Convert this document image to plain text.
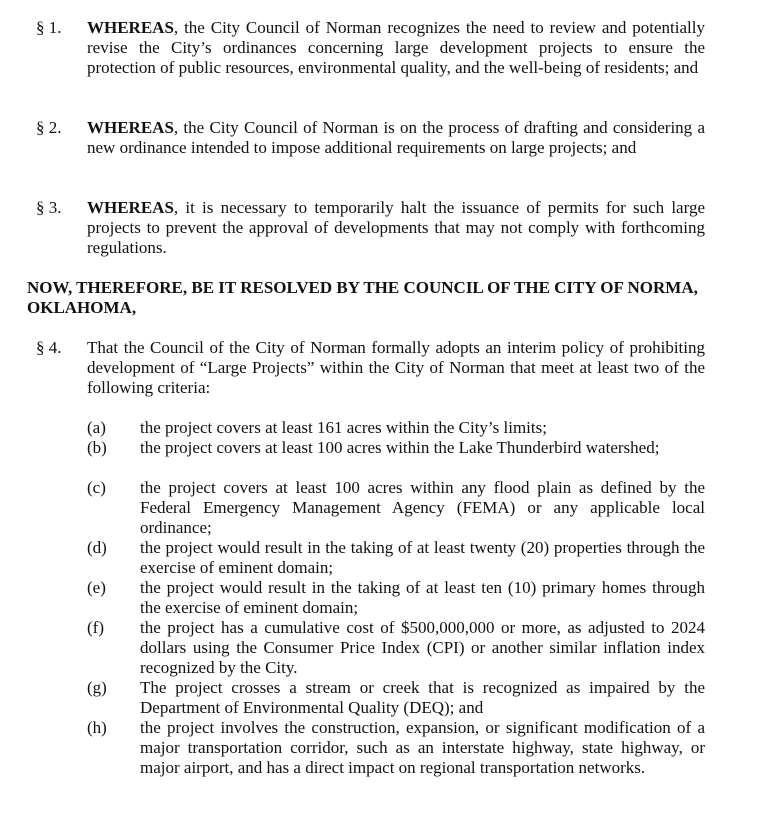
§ 1. WHEREAS, the City Council of Norman recognizes the need to review and potentially revise the City’s ordinances concerning large development projects to ensure the protection of public resources, environmental quality, and the well-being of residents; and
§ 2. WHEREAS, the City Council of Norman is on the process of drafting and considering a new ordinance intended to impose additional requirements on large projects; and
§ 3. WHEREAS, it is necessary to temporarily halt the issuance of permits for such large projects to prevent the approval of developments that may not comply with forthcoming regulations.
NOW, THEREFORE, BE IT RESOLVED BY THE COUNCIL OF THE CITY OF NORMA, OKLAHOMA,
§ 4. That the Council of the City of Norman formally adopts an interim policy of prohibiting development of “Large Projects” within the City of Norman that meet at least two of the following criteria:
(a) the project covers at least 161 acres within the City’s limits;
(b) the project covers at least 100 acres within the Lake Thunderbird watershed;
(c) the project covers at least 100 acres within any flood plain as defined by the Federal Emergency Management Agency (FEMA) or any applicable local ordinance;
(d) the project would result in the taking of at least twenty (20) properties through the exercise of eminent domain;
(e) the project would result in the taking of at least ten (10) primary homes through the exercise of eminent domain;
(f) the project has a cumulative cost of $500,000,000 or more, as adjusted to 2024 dollars using the Consumer Price Index (CPI) or another similar inflation index recognized by the City.
(g) The project crosses a stream or creek that is recognized as impaired by the Department of Environmental Quality (DEQ); and
(h) the project involves the construction, expansion, or significant modification of a major transportation corridor, such as an interstate highway, state highway, or major airport, and has a direct impact on regional transportation networks.
